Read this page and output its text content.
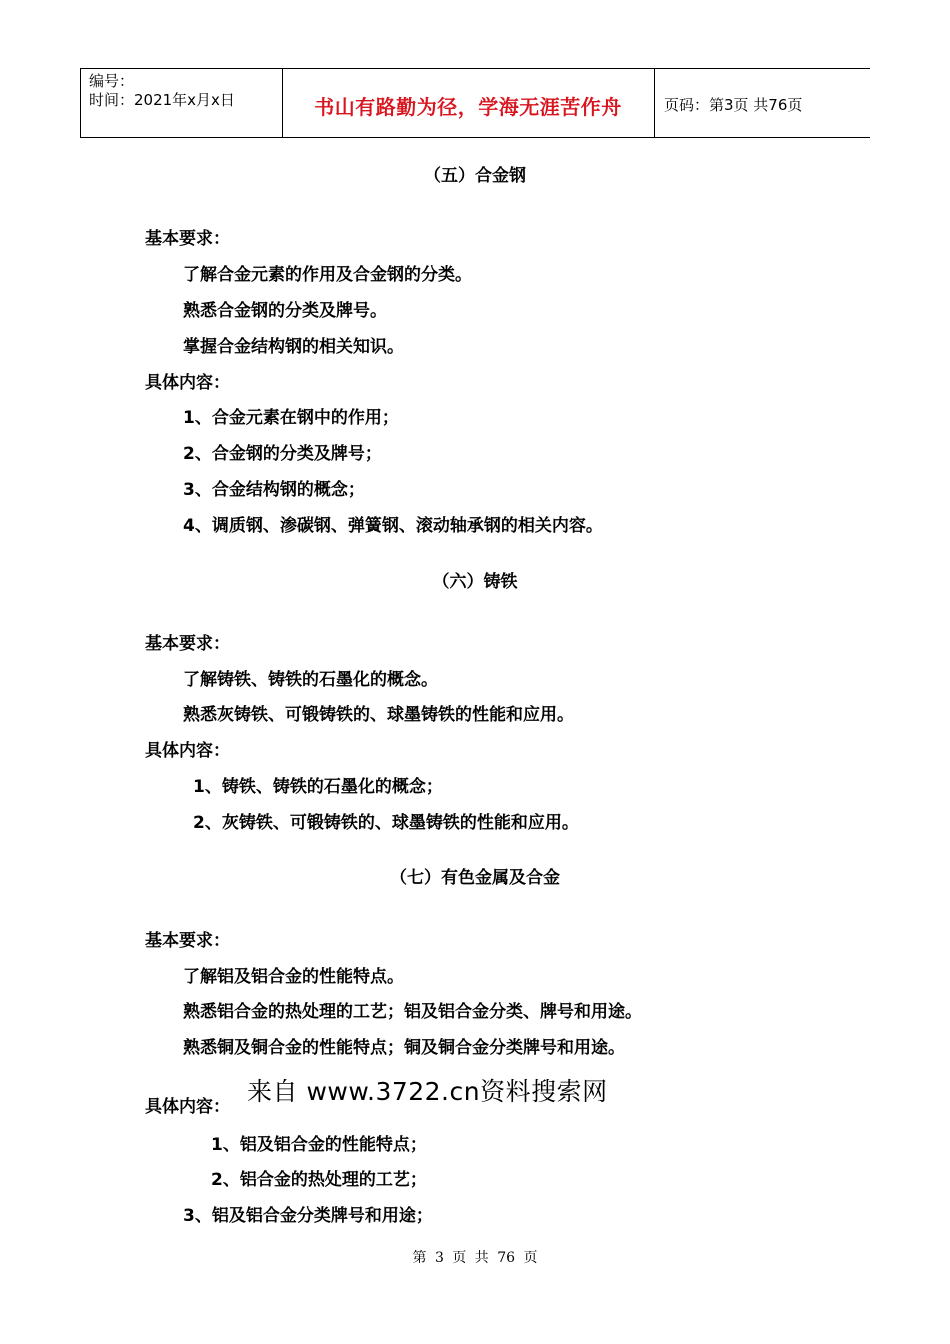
编号：
时间：2021年x月x日	书山有路勤为径，学海无涯苦作舟	页码：第3页 共76页
（五）合金钢
基本要求：
了解合金元素的作用及合金钢的分类。
熟悉合金钢的分类及牌号。
掌握合金结构钢的相关知识。
具体内容：
1、合金元素在钢中的作用；
2、合金钢的分类及牌号；
3、合金结构钢的概念；
4、调质钢、渗碳钢、弹簧钢、滚动轴承钢的相关内容。
（六）铸铁
基本要求：
了解铸铁、铸铁的石墨化的概念。
熟悉灰铸铁、可锻铸铁的、球墨铸铁的性能和应用。
具体内容：
1、铸铁、铸铁的石墨化的概念；
2、灰铸铁、可锻铸铁的、球墨铸铁的性能和应用。
（七）有色金属及合金
基本要求：
了解铝及铝合金的性能特点。
熟悉铝合金的热处理的工艺；铝及铝合金分类、牌号和用途。
熟悉铜及铜合金的性能特点；铜及铜合金分类牌号和用途。
具体内容：
来自 www.3722.cn资料搜索网
1、铝及铝合金的性能特点；
2、铝合金的热处理的工艺；
3、铝及铝合金分类牌号和用途；
第 3 页 共 76 页
